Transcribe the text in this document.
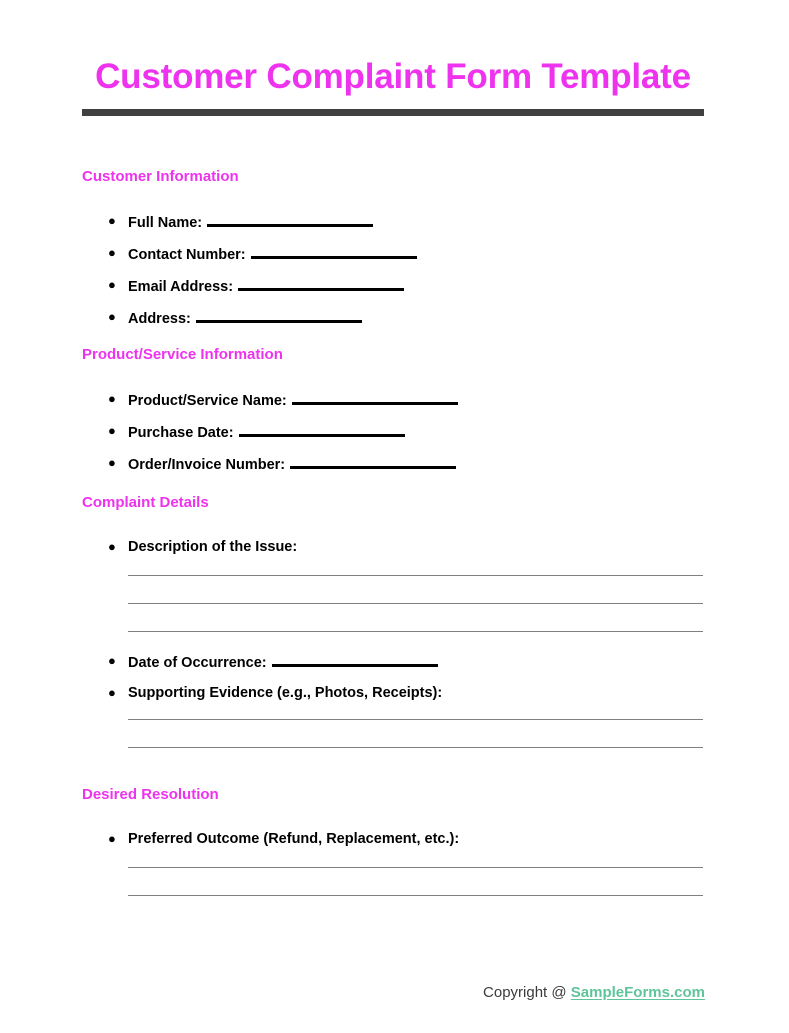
Customer Complaint Form Template
Customer Information
● Full Name:
● Contact Number:
● Email Address:
● Address:
Product/Service Information
● Product/Service Name:
● Purchase Date:
● Order/Invoice Number:
Complaint Details
● Description of the Issue:
● Date of Occurrence:
● Supporting Evidence (e.g., Photos, Receipts):
Desired Resolution
● Preferred Outcome (Refund, Replacement, etc.):
Copyright @ SampleForms.com
